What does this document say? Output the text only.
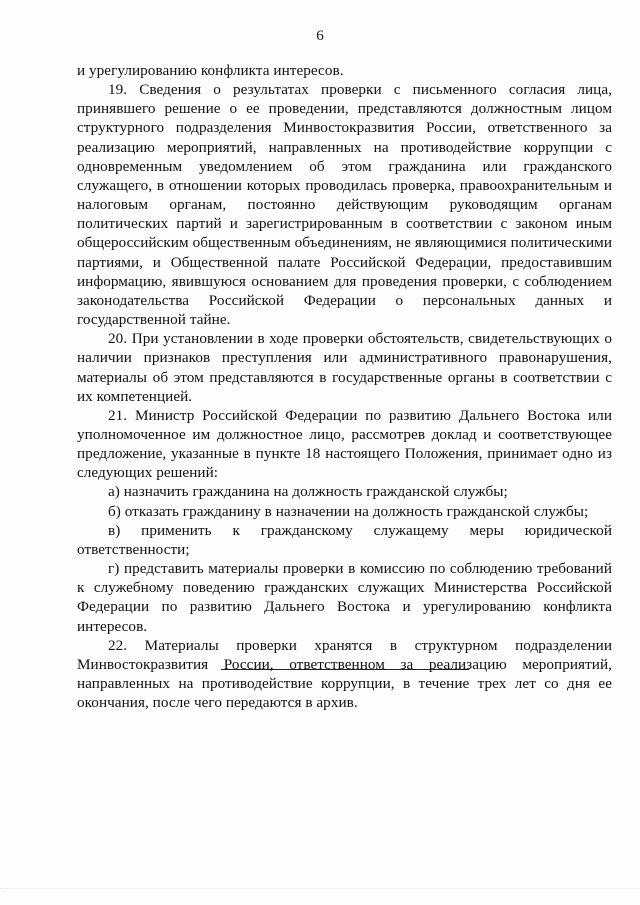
6

и урегулированию конфликта интересов.

19. Сведения о результатах проверки с письменного согласия лица, принявшего решение о ее проведении, представляются должностным лицом структурного подразделения Минвостокразвития России, ответственного за реализацию мероприятий, направленных на противодействие коррупции с одновременным уведомлением об этом гражданина или гражданского служащего, в отношении которых проводилась проверка, правоохранительным и налоговым органам, постоянно действующим руководящим органам политических партий и зарегистрированным в соответствии с законом иным общероссийским общественным объединениям, не являющимися политическими партиями, и Общественной палате Российской Федерации, предоставившим информацию, явившуюся основанием для проведения проверки, с соблюдением законодательства Российской Федерации о персональных данных и государственной тайне.

20. При установлении в ходе проверки обстоятельств, свидетельствующих о наличии признаков преступления или административного правонарушения, материалы об этом представляются в государственные органы в соответствии с их компетенцией.

21. Министр Российской Федерации по развитию Дальнего Востока или уполномоченное им должностное лицо, рассмотрев доклад и соответствующее предложение, указанные в пункте 18 настоящего Положения, принимает одно из следующих решений:

а) назначить гражданина на должность гражданской службы;

б) отказать гражданину в назначении на должность гражданской службы;

в) применить к гражданскому служащему меры юридической ответственности;

г) представить материалы проверки в комиссию по соблюдению требований к служебному поведению гражданских служащих Министерства Российской Федерации по развитию Дальнего Востока и урегулированию конфликта интересов.

22. Материалы проверки хранятся в структурном подразделении Минвостокразвития России, ответственном за реализацию мероприятий, направленных на противодействие коррупции, в течение трех лет со дня ее окончания, после чего передаются в архив.
